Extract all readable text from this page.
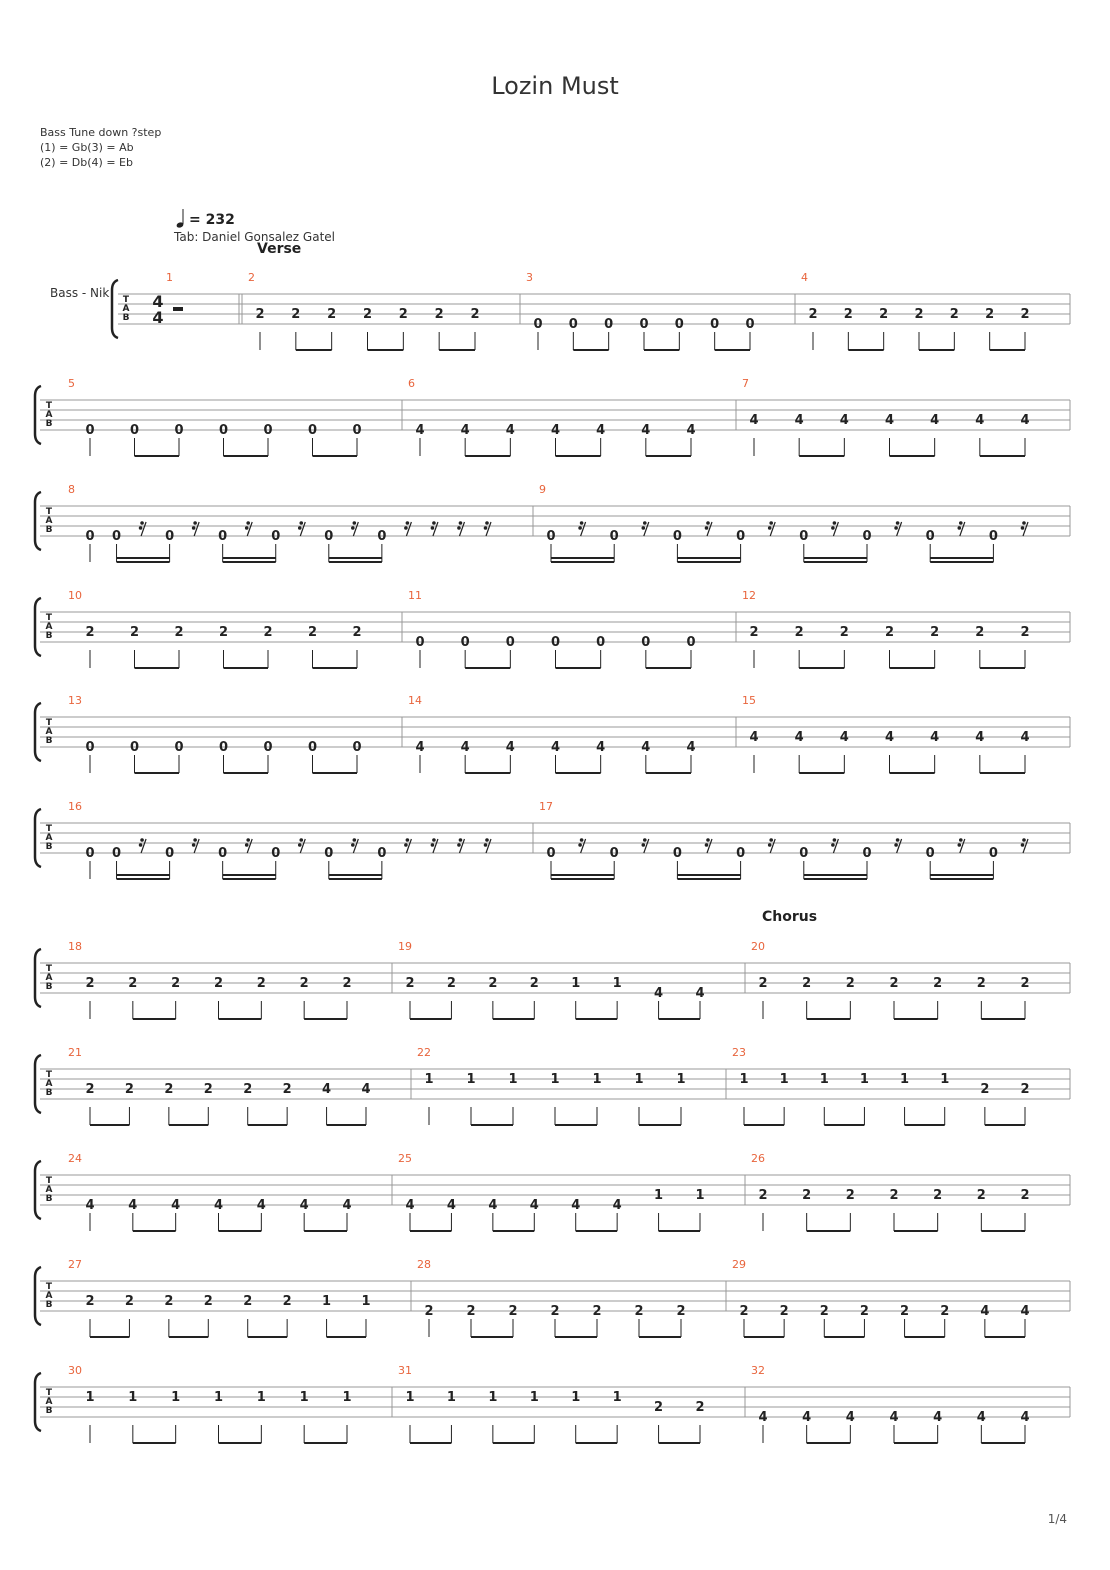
Lozin Must
Bass Tune down ?step
(1) = Gb(3) = Ab
(2) = Db(4) = Eb
= 232
Tab: Daniel Gonsalez Gatel
Bass - Nik
Verse
Chorus
T
A
B
1
4
4
2
2 2 2 2 2 2 2
3
0 0 0 0 0 0 0
4
2 2 2 2 2 2 2
T
A
B
5
0	0	0	0	0	0	0
6
4	4	4	4	4	4	4
7
4	4	4	4	4	4	4
T
A
B
8
0 0	0	0	0	0	0
9
0	0	0	0	0	0	0	0
T
A
B
10
2	2	2	2	2	2	2
11
0	0	0	0	0	0	0
12
2	2	2	2	2	2	2
T
A
B
13
0	0	0	0	0	0	0
14
4	4	4	4	4	4	4
15
4	4	4	4	4	4	4
T
A
B
16
0 0	0	0	0	0	0
17
0	0	0	0	0	0	0	0
T
A
B
18
2	2	2	2	2	2	2
19
2 2 2 2 1 1
4 4
20
2	2	2	2	2	2	2
T
A
B
21
2 2 2 2 2 2 4 4
22
1	1	1	1	1	1	1
23
1 1 1 1 1 1
2 2
T
A
B
24
4	4	4	4	4	4	4
25
4 4 4 4 4 4
1 1
26
2	2	2	2	2	2	2
T
A
B
27
2 2 2 2 2 2 1 1
28
2	2	2	2	2	2	2
29
2 2 2 2 2 2 4 4
T
A
B
30
1	1	1	1	1	1	1
31
1 1 1 1 1 1
2 2
32
4	4	4	4	4	4	4
1/4
